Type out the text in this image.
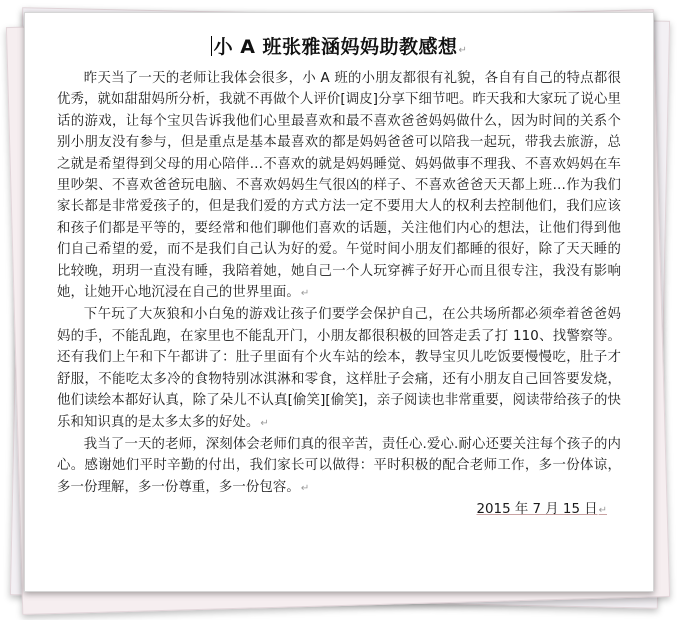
小 A 班张雅涵妈妈助教感想↵

昨天当了一天的老师让我体会很多，小 A 班的小朋友都很有礼貌，各自有自己的特点都很优秀，就如甜甜妈所分析，我就不再做个人评价[调皮]分享下细节吧。昨天我和大家玩了说心里话的游戏，让每个宝贝告诉我他们心里最喜欢和最不喜欢爸爸妈妈做什么，因为时间的关系个别小朋友没有参与，但是重点是基本最喜欢的都是妈妈爸爸可以陪我一起玩，带我去旅游，总之就是希望得到父母的用心陪伴…不喜欢的就是妈妈睡觉、妈妈做事不理我、不喜欢妈妈在车里吵架、不喜欢爸爸玩电脑、不喜欢妈妈生气很凶的样子、不喜欢爸爸天天都上班…作为我们家长都是非常爱孩子的，但是我们爱的方式方法一定不要用大人的权利去控制他们，我们应该和孩子们都是平等的，要经常和他们聊他们喜欢的话题，关注他们内心的想法，让他们得到他们自己希望的爱，而不是我们自己认为好的爱。午觉时间小朋友们都睡的很好，除了天天睡的比较晚，玥玥一直没有睡，我陪着她，她自己一个人玩穿裤子好开心而且很专注，我没有影响她，让她开心地沉浸在自己的世界里面。↵

下午玩了大灰狼和小白兔的游戏让孩子们要学会保护自己，在公共场所都必须牵着爸爸妈妈的手，不能乱跑，在家里也不能乱开门，小朋友都很积极的回答走丢了打 110、找警察等。 还有我们上午和下午都讲了：肚子里面有个火车站的绘本，教导宝贝儿吃饭要慢慢吃，肚子才舒服，不能吃太多冷的食物特别冰淇淋和零食，这样肚子会痛，还有小朋友自己回答要发烧，他们读绘本都好认真，除了朵儿不认真[偷笑][偷笑]，亲子阅读也非常重要，阅读带给孩子的快乐和知识真的是太多太多的好处。↵

我当了一天的老师，深刻体会老师们真的很辛苦，责任心.爱心.耐心还要关注每个孩子的内心。感谢她们平时辛勤的付出，我们家长可以做得：平时积极的配合老师工作，多一份体谅，多一份理解，多一份尊重，多一份包容。↵

2015 年 7 月 15 日↵
